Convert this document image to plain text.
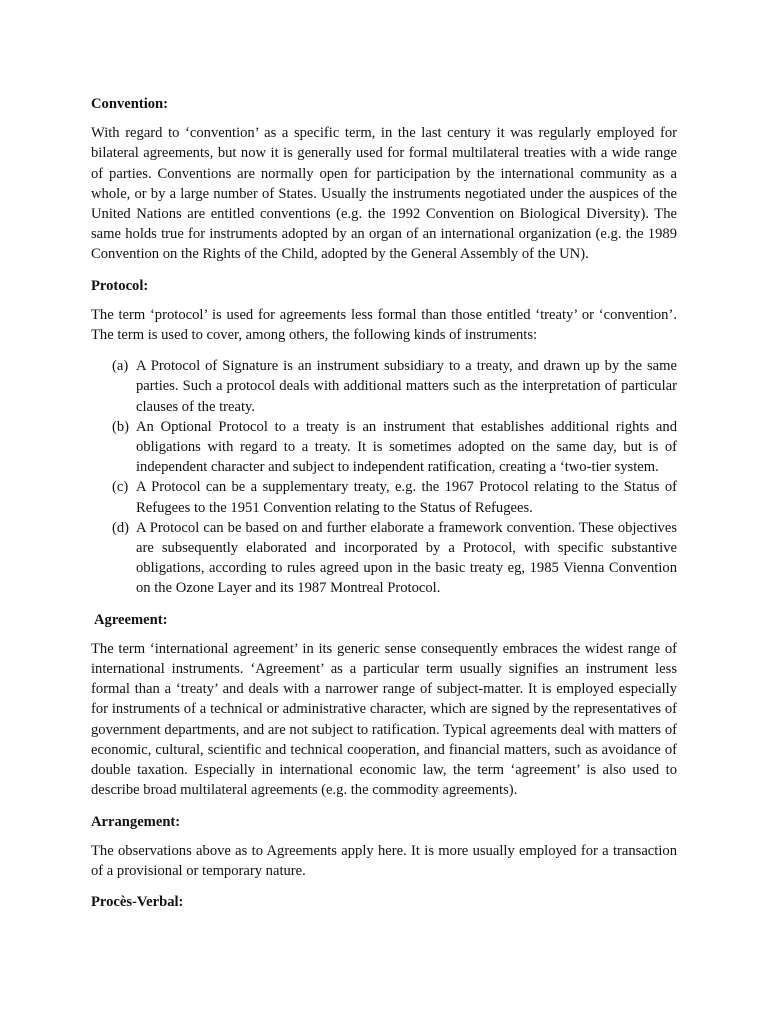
Convention:

With regard to ‘convention’ as a specific term, in the last century it was regularly employed for bilateral agreements, but now it is generally used for formal multilateral treaties with a wide range of parties. Conventions are normally open for participation by the international community as a whole, or by a large number of States. Usually the instruments negotiated under the auspices of the United Nations are entitled conventions (e.g. the 1992 Convention on Biological Diversity). The same holds true for instruments adopted by an organ of an international organization (e.g. the 1989 Convention on the Rights of the Child, adopted by the General Assembly of the UN).

Protocol:

The term ‘protocol’ is used for agreements less formal than those entitled ‘treaty’ or ‘convention’. The term is used to cover, among others, the following kinds of instruments:

(a) A Protocol of Signature is an instrument subsidiary to a treaty, and drawn up by the same parties. Such a protocol deals with additional matters such as the interpretation of particular clauses of the treaty.
(b) An Optional Protocol to a treaty is an instrument that establishes additional rights and obligations with regard to a treaty. It is sometimes adopted on the same day, but is of independent character and subject to independent ratification, creating a ‘two-tier system.
(c) A Protocol can be a supplementary treaty, e.g. the 1967 Protocol relating to the Status of Refugees to the 1951 Convention relating to the Status of Refugees.
(d) A Protocol can be based on and further elaborate a framework convention. These objectives are subsequently elaborated and incorporated by a Protocol, with specific substantive obligations, according to rules agreed upon in the basic treaty eg, 1985 Vienna Convention on the Ozone Layer and its 1987 Montreal Protocol.
Agreement:

The term ‘international agreement’ in its generic sense consequently embraces the widest range of international instruments. ‘Agreement’ as a particular term usually signifies an instrument less formal than a ‘treaty’ and deals with a narrower range of subject-matter. It is employed especially for instruments of a technical or administrative character, which are signed by the representatives of government departments, and are not subject to ratification. Typical agreements deal with matters of economic, cultural, scientific and technical cooperation, and financial matters, such as avoidance of double taxation. Especially in international economic law, the term ‘agreement’ is also used to describe broad multilateral agreements (e.g. the commodity agreements).

Arrangement:

The observations above as to Agreements apply here. It is more usually employed for a transaction of a provisional or temporary nature.

Procès-Verbal:
